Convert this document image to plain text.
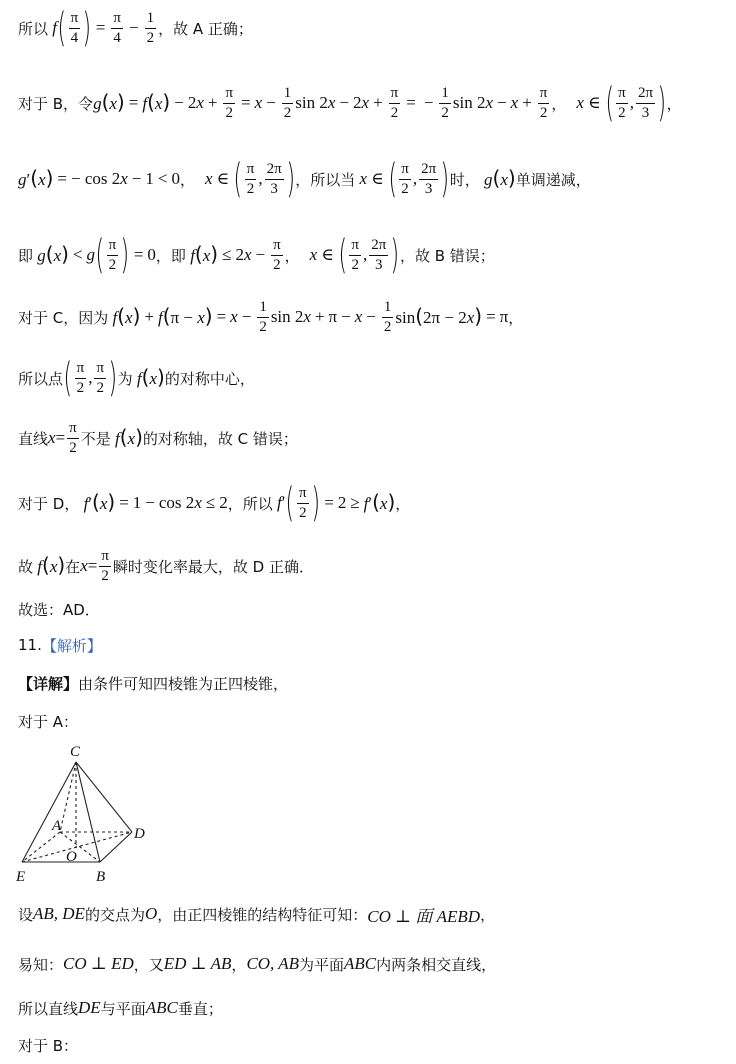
所以 f ( $\frac{\pi}{4}$ ) = $\frac{\pi}{4} - \frac{1}{2}$ ，故 A 正确；
对于 B，令 $g(x) = f(x) - 2x + \frac{\pi}{2} = x - \frac{1}{2}$ $\sin 2x - 2x + \frac{\pi}{2}$ = − $\frac{1}{2}$ $\sin 2x - x + \frac{\pi}{2}$ ， x ∈ ( $\frac{\pi}{2}$ , $\frac{2\pi}{3}$ ) ，
g′(x) = − cos 2x − 1 < 0 ， x ∈ ( $\frac{\pi}{2}$ , $\frac{2\pi}{3}$ ) ，所以当 x ∈ ( $\frac{\pi}{2}$ , $\frac{2\pi}{3}$ ) 时， g(x) 单调递减，
即 g(x) < g ( $\frac{\pi}{2}$ ) = 0 ，即 $f(x) \le 2x - \frac{\pi}{2}$ ， x ∈ ( $\frac{\pi}{2}$ , $\frac{2\pi}{3}$ ) ，故 B 错误；
对于 C，因为 $f(x) + f(\pi - x) = x - \frac{1}{2}$ $\sin 2x + \pi - x - \frac{1}{2} \sin(2\pi - 2x) = \pi$ ，
所以点 ( $\frac{\pi}{2}$ , $\frac{\pi}{2}$ ) 为 f(x) 的对称中心，
直线 $x = \frac{\pi}{2}$ 不是 f(x) 的对称轴，故 C 错误；
对于 D， f′(x) = 1 − cos 2x ≤ 2 ，所以 f ′ ( $\frac{\pi}{2}$ ) = 2 ≥ f′(x) ，
故 f(x) 在 $x = \frac{\pi}{2}$ 瞬时变化率最大，故 D 正确．
故选：AD．
11. 【解析】
【详解】 由条件可知四棱锥为正四棱锥，
对于 A：
C
A	D
O
E	B
设 AB, DE 的交点为 O ，由正四棱锥的结构特征可知： CO ⊥ 面 AEBD ，
易知： CO ⊥ ED ，又 ED ⊥ AB ， CO, AB 为平面 ABC 内两条相交直线，
所以直线 DE 与平面 ABC 垂直；
对于 B：
